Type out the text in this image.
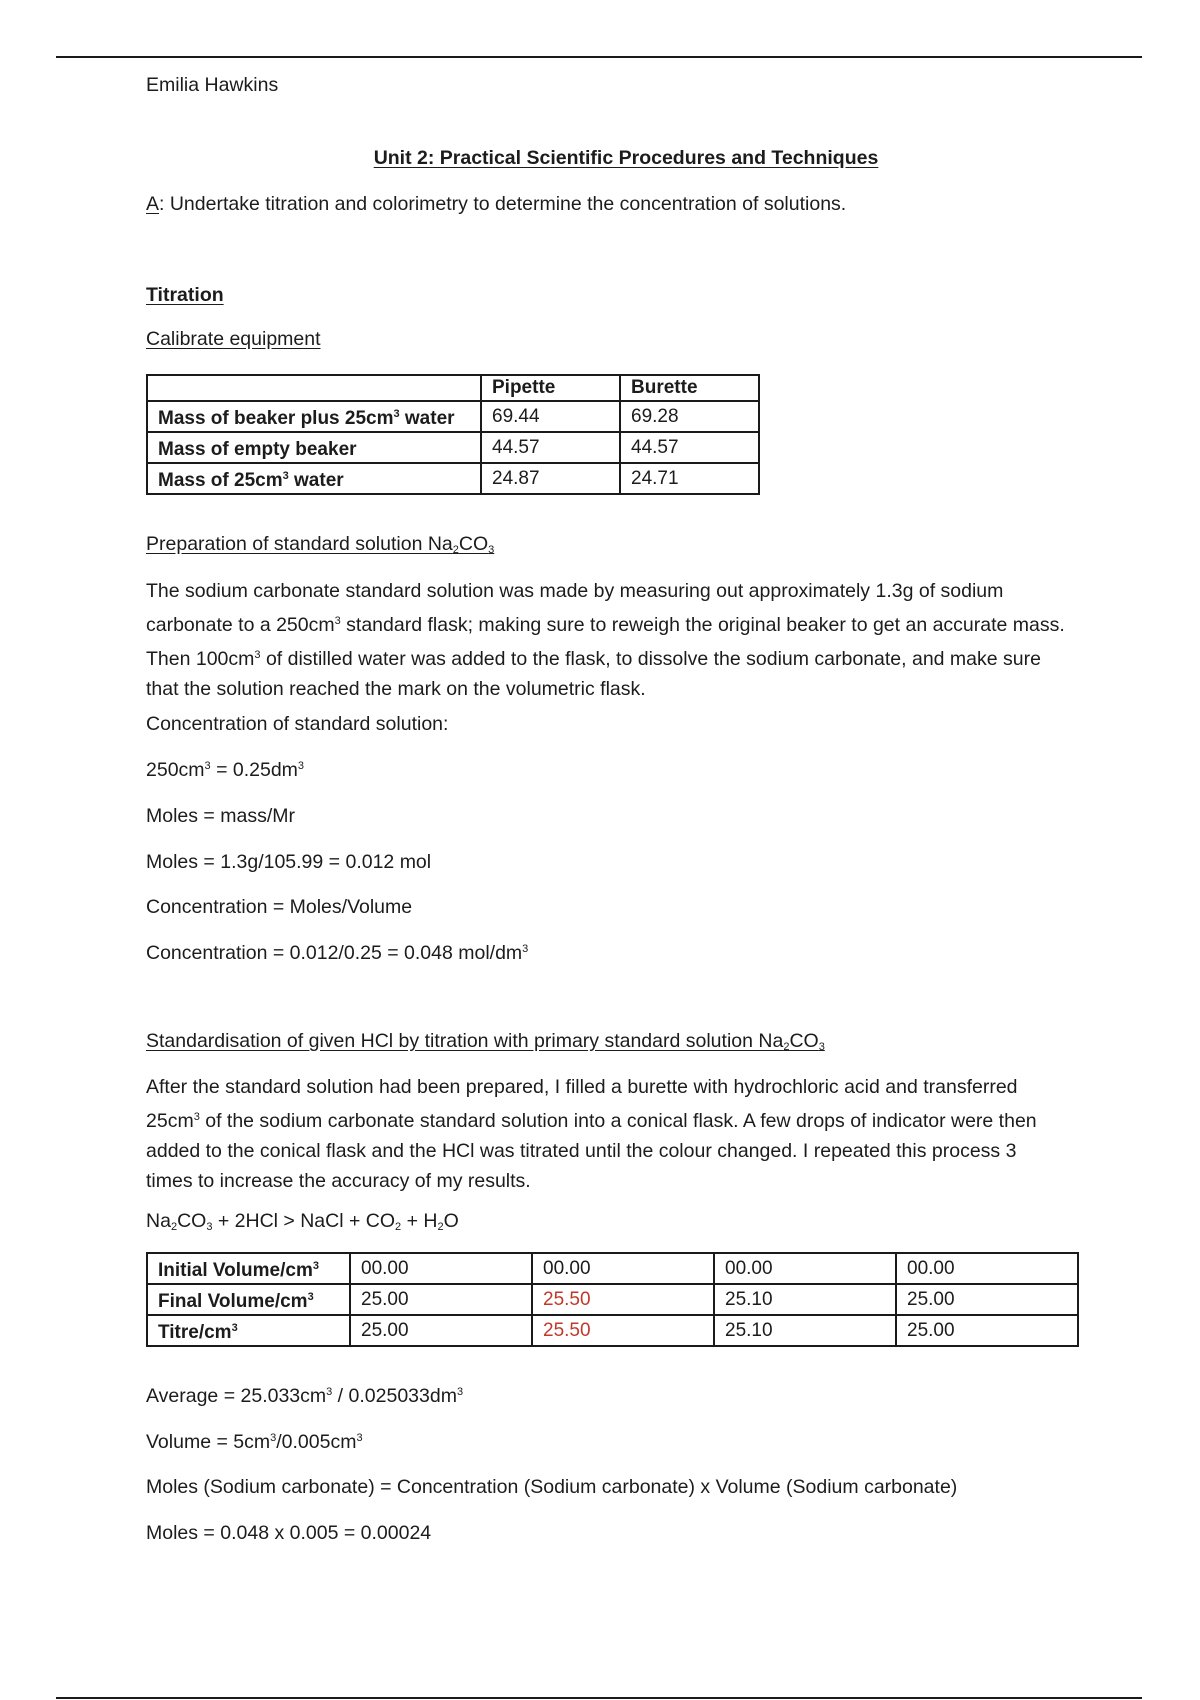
Emilia Hawkins
Unit 2: Practical Scientific Procedures and Techniques
A: Undertake titration and colorimetry to determine the concentration of solutions.
Titration
Calibrate equipment
	Pipette	Burette
Mass of beaker plus $25cm^3$ water	69.44	69.28
Mass of empty beaker	44.57	44.57
Mass of $25cm^3$ water	24.87	24.71
Preparation of standard solution $Na_2CO_3$
The sodium carbonate standard solution was made by measuring out approximately 1.3g of sodium carbonate to a $250cm^3$ standard flask; making sure to reweigh the original beaker to get an accurate mass. Then $100cm^3$ of distilled water was added to the flask, to dissolve the sodium carbonate, and make sure that the solution reached the mark on the volumetric flask.
Concentration of standard solution:
$250cm^3 = 0.25dm^3$
Moles = mass/Mr
Moles = 1.3g/105.99 = 0.012 mol
Concentration = Moles/Volume
Concentration = 0.012/0.25 = 0.048 mol/$dm^3$
Standardisation of given HCl by titration with primary standard solution $Na_2CO_3$
After the standard solution had been prepared, I filled a burette with hydrochloric acid and transferred $25cm^3$ of the sodium carbonate standard solution into a conical flask. A few drops of indicator were then added to the conical flask and the HCl was titrated until the colour changed. I repeated this process 3 times to increase the accuracy of my results.
$Na_2CO_3 + 2HCl$ > NaCl + $CO_2 + H_2O$
Initial Volume/$cm^3$	00.00	00.00	00.00	00.00
Final Volume/$cm^3$	25.00	25.50	25.10	25.00
Titre/$cm^3$	25.00	25.50	25.10	25.00
Average = $25.033cm^3 / 0.025033dm^3$
Volume = $5cm^3/0.005cm^3$
Moles (Sodium carbonate) = Concentration (Sodium carbonate) x Volume (Sodium carbonate)
Moles = 0.048 x 0.005 = 0.00024
